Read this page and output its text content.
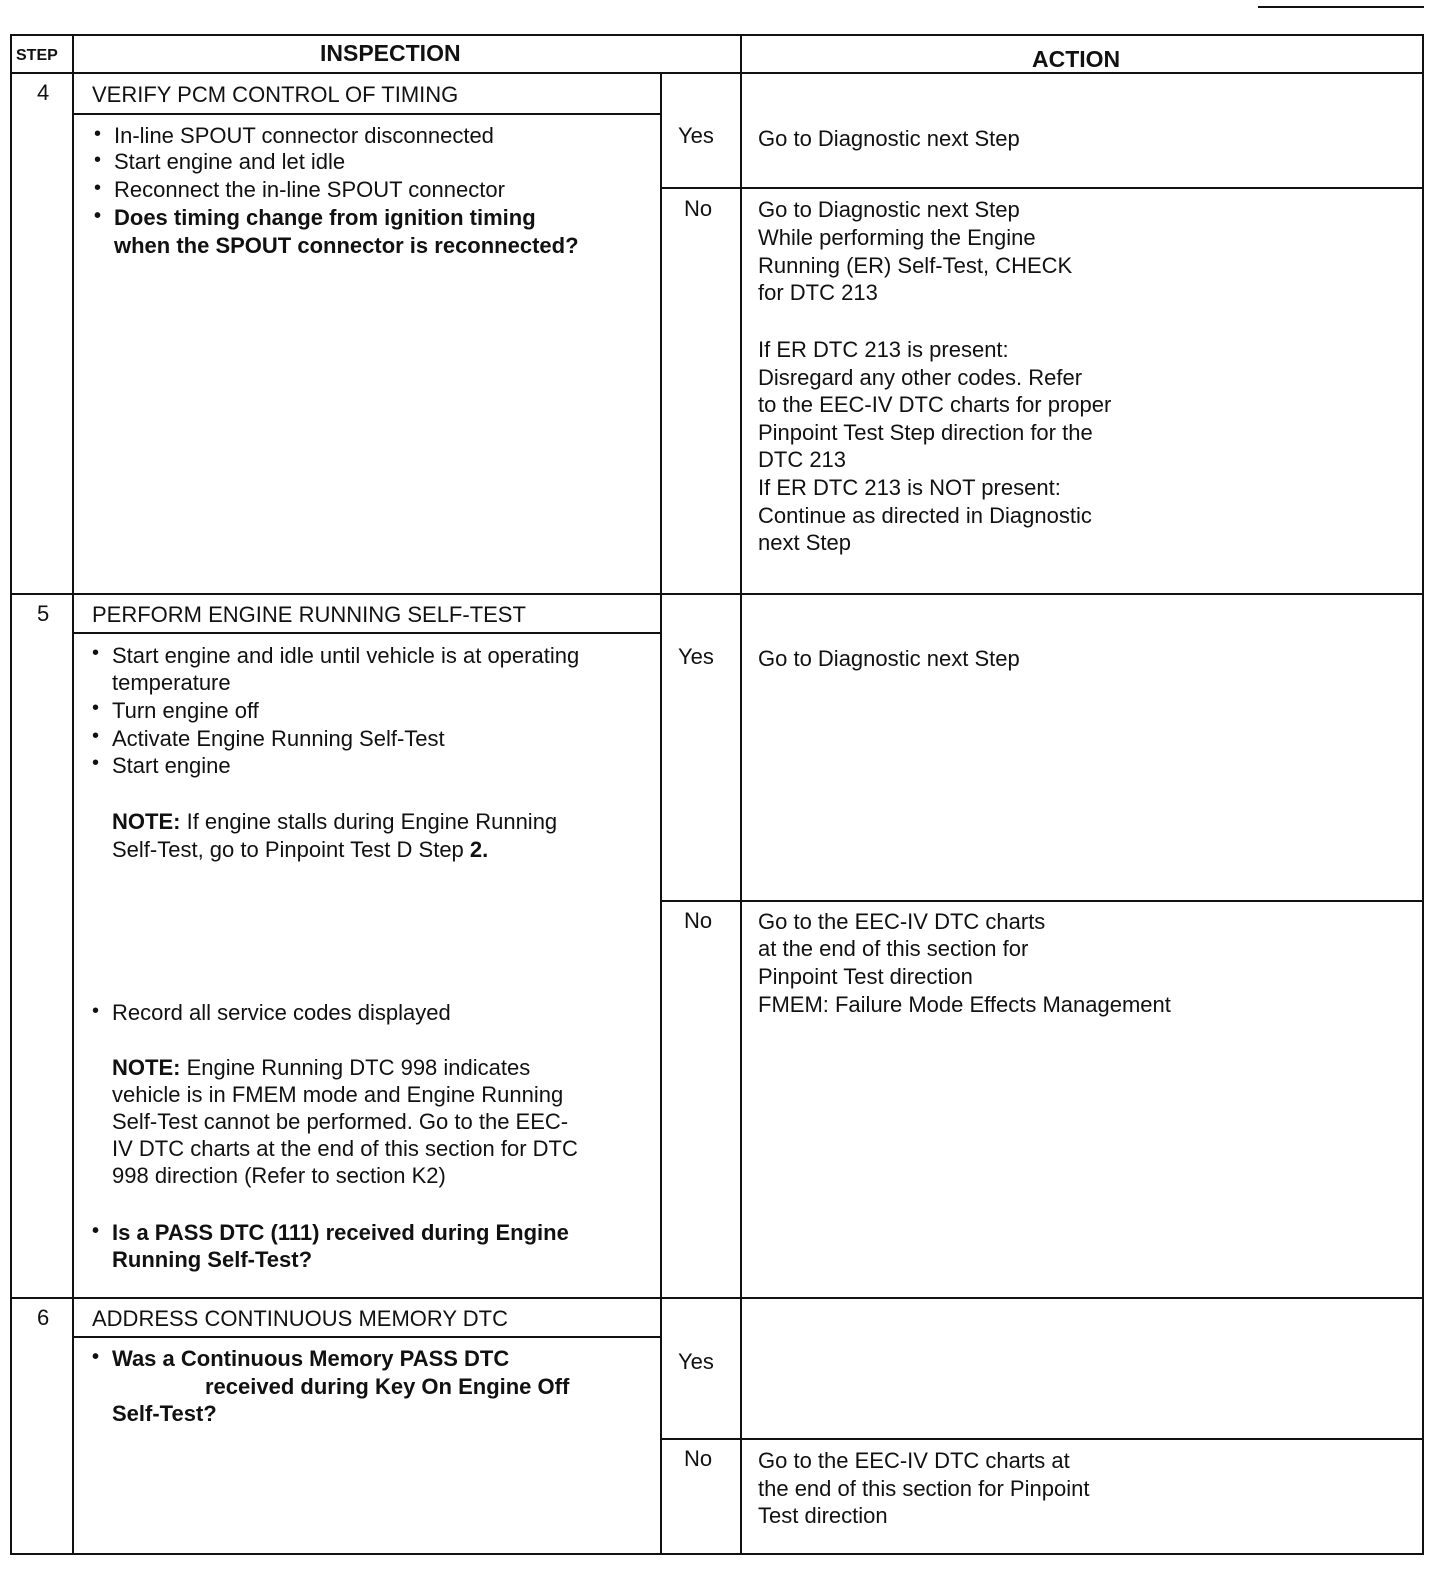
STEP	INSPECTION	ACTION
4 VERIFY PCM CONTROL OF TIMING
• In-line SPOUT connector disconnected
• Start engine and let idle
• Reconnect the in-line SPOUT connector
• Does timing change from ignition timing
when the SPOUT connector is reconnected?
Yes Go to Diagnostic next Step
No Go to Diagnostic next Step
While performing the Engine
Running (ER) Self-Test, CHECK
for DTC 213
If ER DTC 213 is present:
Disregard any other codes. Refer
to the EEC-IV DTC charts for proper
Pinpoint Test Step direction for the
DTC 213
If ER DTC 213 is NOT present:
Continue as directed in Diagnostic
next Step
5 PERFORM ENGINE RUNNING SELF-TEST
• Start engine and idle until vehicle is at operating
temperature
• Turn engine off
• Activate Engine Running Self-Test
• Start engine
NOTE: If engine stalls during Engine Running
Self-Test, go to Pinpoint Test D Step 2.
• Record all service codes displayed
NOTE: Engine Running DTC 998 indicates
vehicle is in FMEM mode and Engine Running
Self-Test cannot be performed. Go to the EEC-
IV DTC charts at the end of this section for DTC
998 direction (Refer to section K2)
• Is a PASS DTC (111) received during Engine
Running Self-Test?
Yes Go to Diagnostic next Step
No Go to the EEC-IV DTC charts
at the end of this section for
Pinpoint Test direction
FMEM: Failure Mode Effects Management
6 ADDRESS CONTINUOUS MEMORY DTC
• Was a Continuous Memory PASS DTC
received during Key On Engine Off
Self-Test?
Yes
No Go to the EEC-IV DTC charts at
the end of this section for Pinpoint
Test direction
